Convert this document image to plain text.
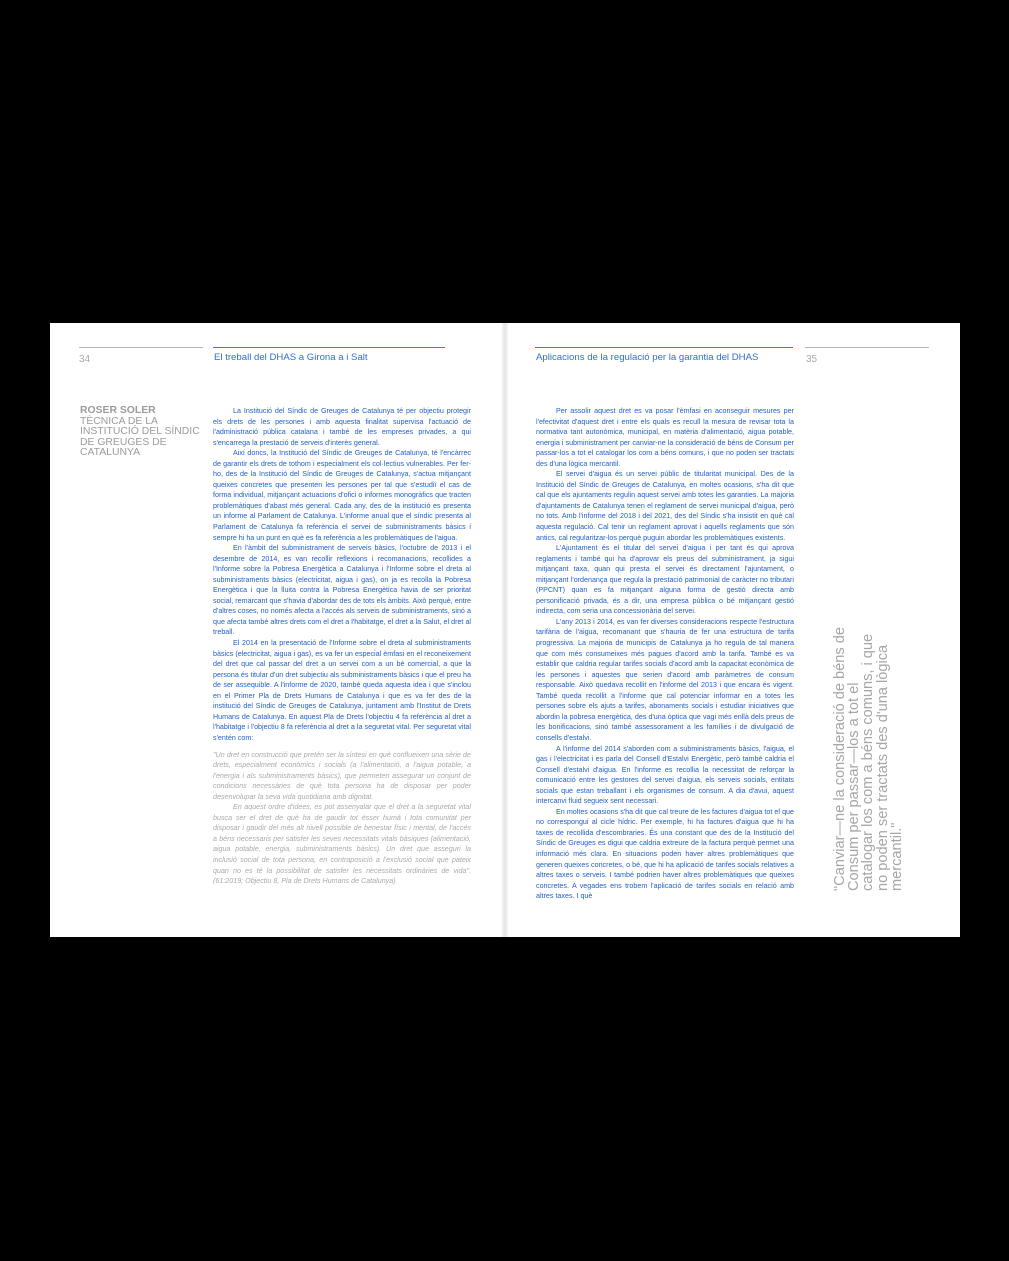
34	El treball del DHAS a Girona a i Salt
ROSER SOLER
TÈCNICA DE LA INSTITUCIÓ DEL SÍNDIC DE GREUGES DE CATALUNYA

La Institució del Síndic de Greuges de Catalunya té per objectiu protegir els drets de les persones i amb aquesta finalitat supervisa l'actuació de l'administració pública catalana i també de les empreses privades, a qui s'encarrega la prestació de serveis d'interès general.

Així doncs, la Institució del Síndic de Greuges de Catalunya, té l'encàrrec de garantir els drets de tothom i especialment els col·lectius vulnerables. Per fer-ho, des de la Institució del Síndic de Greuges de Catalunya, s'actua mitjançant queixes concretes que presenten les persones per tal que s'estudiï el cas de forma individual, mitjançant actuacions d'ofici o informes monogràfics que tracten problemàtiques d'abast més general. Cada any, des de la institució es presenta un informe al Parlament de Catalunya. L'informe anual que el síndic presenta al Parlament de Catalunya fa referència el servei de subministraments bàsics i sempre hi ha un punt en què es fa referència a les problemàtiques de l'aigua.

En l'àmbit del subministrament de serveis bàsics, l'octubre de 2013 i el desembre de 2014, es van recollir reflexions i recomanacions, recollides a l'Informe sobre la Pobresa Energètica a Catalunya i l'Informe sobre el dreta al subministraments bàsics (electricitat, aigua i gas), on ja es recolla la Pobresa Energètica i que la lluita contra la Pobresa Energètica havia de ser prioritat social, remarcant que s'havia d'abordar des de tots els àmbits. Això perquè, entre d'altres coses, no només afecta a l'accés als serveis de subministraments, sinó a que afecta també altres drets com el dret a l'habitatge, el dret a la Salut, el dret al treball.

El 2014 en la presentació de l'Informe sobre el dreta al subministraments bàsics (electricitat, aigua i gas), es va fer un especial èmfasi en el reconeixement del dret que cal passar del dret a un servei com a un bé comercial, a que la persona és titular d'un dret subjectiu als subministraments bàsics i que el preu ha de ser assequible. A l'informe de 2020, també queda aquesta idea i que s'inclou en el Primer Pla de Drets Humans de Catalunya i que es va fer des de la institució del Síndic de Greuges de Catalunya, juntament amb l'Institut de Drets Humans de Catalunya. En aquest Pla de Drets l'objectiu 4 fa referència al dret a l'habitatge i l'objectiu 8 fa referència al dret a la seguretat vital. Per seguretat vital s'entén com:

"Un dret en construcció que pretén ser la síntesi en què conflueixen una sèrie de drets, especialment econòmics i socials (a l'alimentació, a l'aigua potable, a l'energia i als subministraments bàsics), que permeten assegurar un conjunt de condicions necessàries de què tota persona ha de disposar per poder desenvolupar la seva vida quotidiana amb dignitat.

En aquest ordre d'idees, es pot assenyalar que el dret a la seguretat vital busca ser el dret de què ha de gaudir tot ésser humà i tota comunitat per disposar i gaudir del més alt nivell possible de benestar físic i mental, de l'accés a béns necessaris per satisfer les seves necessitats vitals bàsiques (alimentació, aigua potable, energia, subministraments bàsics). Un dret que asseguri la inclusió social de tota persona, en contraposició a l'exclusió social que pateix quan no es té la possibilitat de satisfer les necessitats ordinàries de vida". (61:2019; Objectiu 8, Pla de Drets Humans de Catalunya)

Aplicacions de la regulació per la garantia del DHAS	35

Per assolir aquest dret es va posar l'èmfasi en aconseguir mesures per l'efectivitat d'aquest dret i entre els quals es recull la mesura de revisar tota la normativa tant autonòmica, municipal, en matèria d'alimentació, aigua potable, energia i subministrament per canviar-ne la consideració de béns de Consum per passar-los a tot el catalogar los com a béns comuns, i que no poden ser tractats des d'una lògica mercantil.

El servei d'aigua és un servei públic de titularitat municipal. Des de la Institució del Síndic de Greuges de Catalunya, en moltes ocasions, s'ha dit que cal que els ajuntaments regulin aquest servei amb totes les garanties. La majoria d'ajuntaments de Catalunya tenen el reglament de servei municipal d'aigua, però no tots. Amb l'informe del 2018 i del 2021, des del Síndic s'ha insistit en què cal aquesta regulació. Cal tenir un reglament aprovat i aquells reglaments que són antics, cal regularitzar-los perquè puguin abordar les problemàtiques existents.

L'Ajuntament és el titular del servei d'aigua i per tant és qui aprova reglaments i també qui ha d'aprovar els preus del subministrament, ja sigui mitjançant taxa, quan qui presta el servei és directament l'ajuntament, o mitjançant l'ordenança que regula la prestació patrimonial de caràcter no tributari (PPCNT) quan es fa mitjançant alguna forma de gestió directa amb personificació privada, és a dir, una empresa pública o bé mitjançant gestió indirecta, com seria una concessionària del servei.

L'any 2013 i 2014, es van fer diverses consideracions respecte l'estructura tarifària de l'aigua, recomanant que s'hauria de fer una estructura de tarifa progressiva. La majoria de municipis de Catalunya ja ho regula de tal manera que com més consumeixes més pagues d'acord amb la tarifa. També es va establir que caldria regular tarifes socials d'acord amb la capacitat econòmica de les persones i aquestes que serien d'acord amb paràmetres de consum responsable. Això quedava recollit en l'informe del 2013 i que encara és vigent. També queda recollit a l'informe que cal potenciar informar en a totes les persones sobre els ajuts a tarifes, abonaments socials i estudiar iniciatives que abordin la pobresa energètica, des d'una òptica que vagi més enllà dels preus de les bonificacions, sinó també assessorament a les famílies i de divulgació de consells d'estalvi.

A l'informe del 2014 s'aborden com a subministraments bàsics, l'aigua, el gas i l'electricitat i es parla del Consell d'Estalvi Energètic, però també caldria el Consell d'estalvi d'aigua. En l'informe es recollia la necessitat de reforçar la comunicació entre les gestores del servei d'aigua, els serveis socials, entitats socials que estan treballant i els organismes de consum. A dia d'avui, aquest intercanvi fluid segueix sent necessari.

En moltes ocasions s'ha dit que cal treure de les factures d'aigua tot el que no correspongui al cicle hídric. Per exemple, hi ha factures d'aigua que hi ha taxes de recollida d'escombraries. És una constant que des de la Institució del Síndic de Greuges es digui que caldria extreure de la factura perquè permet una informació més clara. En situacions poden haver altres problemàtiques que generen queixes concretes, o bé, que hi ha aplicació de tarifes socials relatives a altres taxes o serveis. I també podrien haver altres problemàtiques que queixes concretes. A vegades ens trobem l'aplicació de tarifes socials en relació amb altres taxes. I què

"Canviar—ne la consideració de béns de Consum per passar—los a tot el catalogar los com a béns comuns, i que no poden ser tractats des d'una lògica mercantil."
